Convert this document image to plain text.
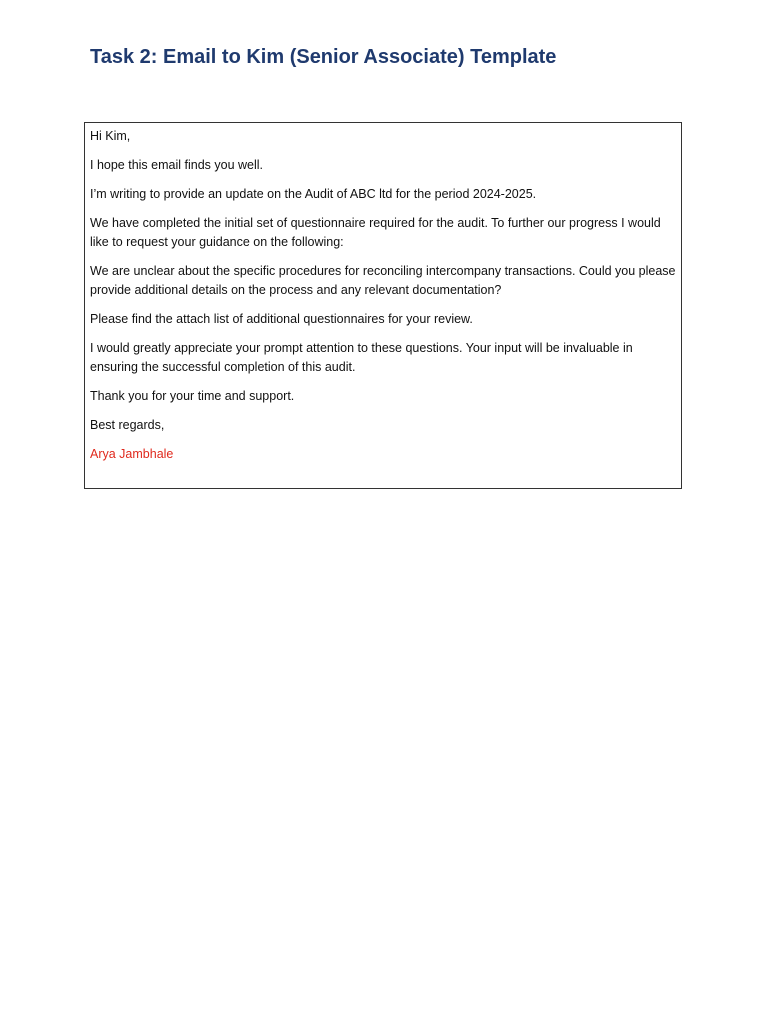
Task 2: Email to Kim (Senior Associate) Template

Hi Kim,

I hope this email finds you well.

I’m writing to provide an update on the Audit of ABC ltd for the period 2024-2025.

We have completed the initial set of questionnaire required for the audit. To further our progress I would like to request your guidance on the following:

We are unclear about the specific procedures for reconciling intercompany transactions. Could you please provide additional details on the process and any relevant documentation?

Please find the attach list of additional questionnaires for your review.

I would greatly appreciate your prompt attention to these questions. Your input will be invaluable in ensuring the successful completion of this audit.

Thank you for your time and support.

Best regards,

Arya Jambhale
